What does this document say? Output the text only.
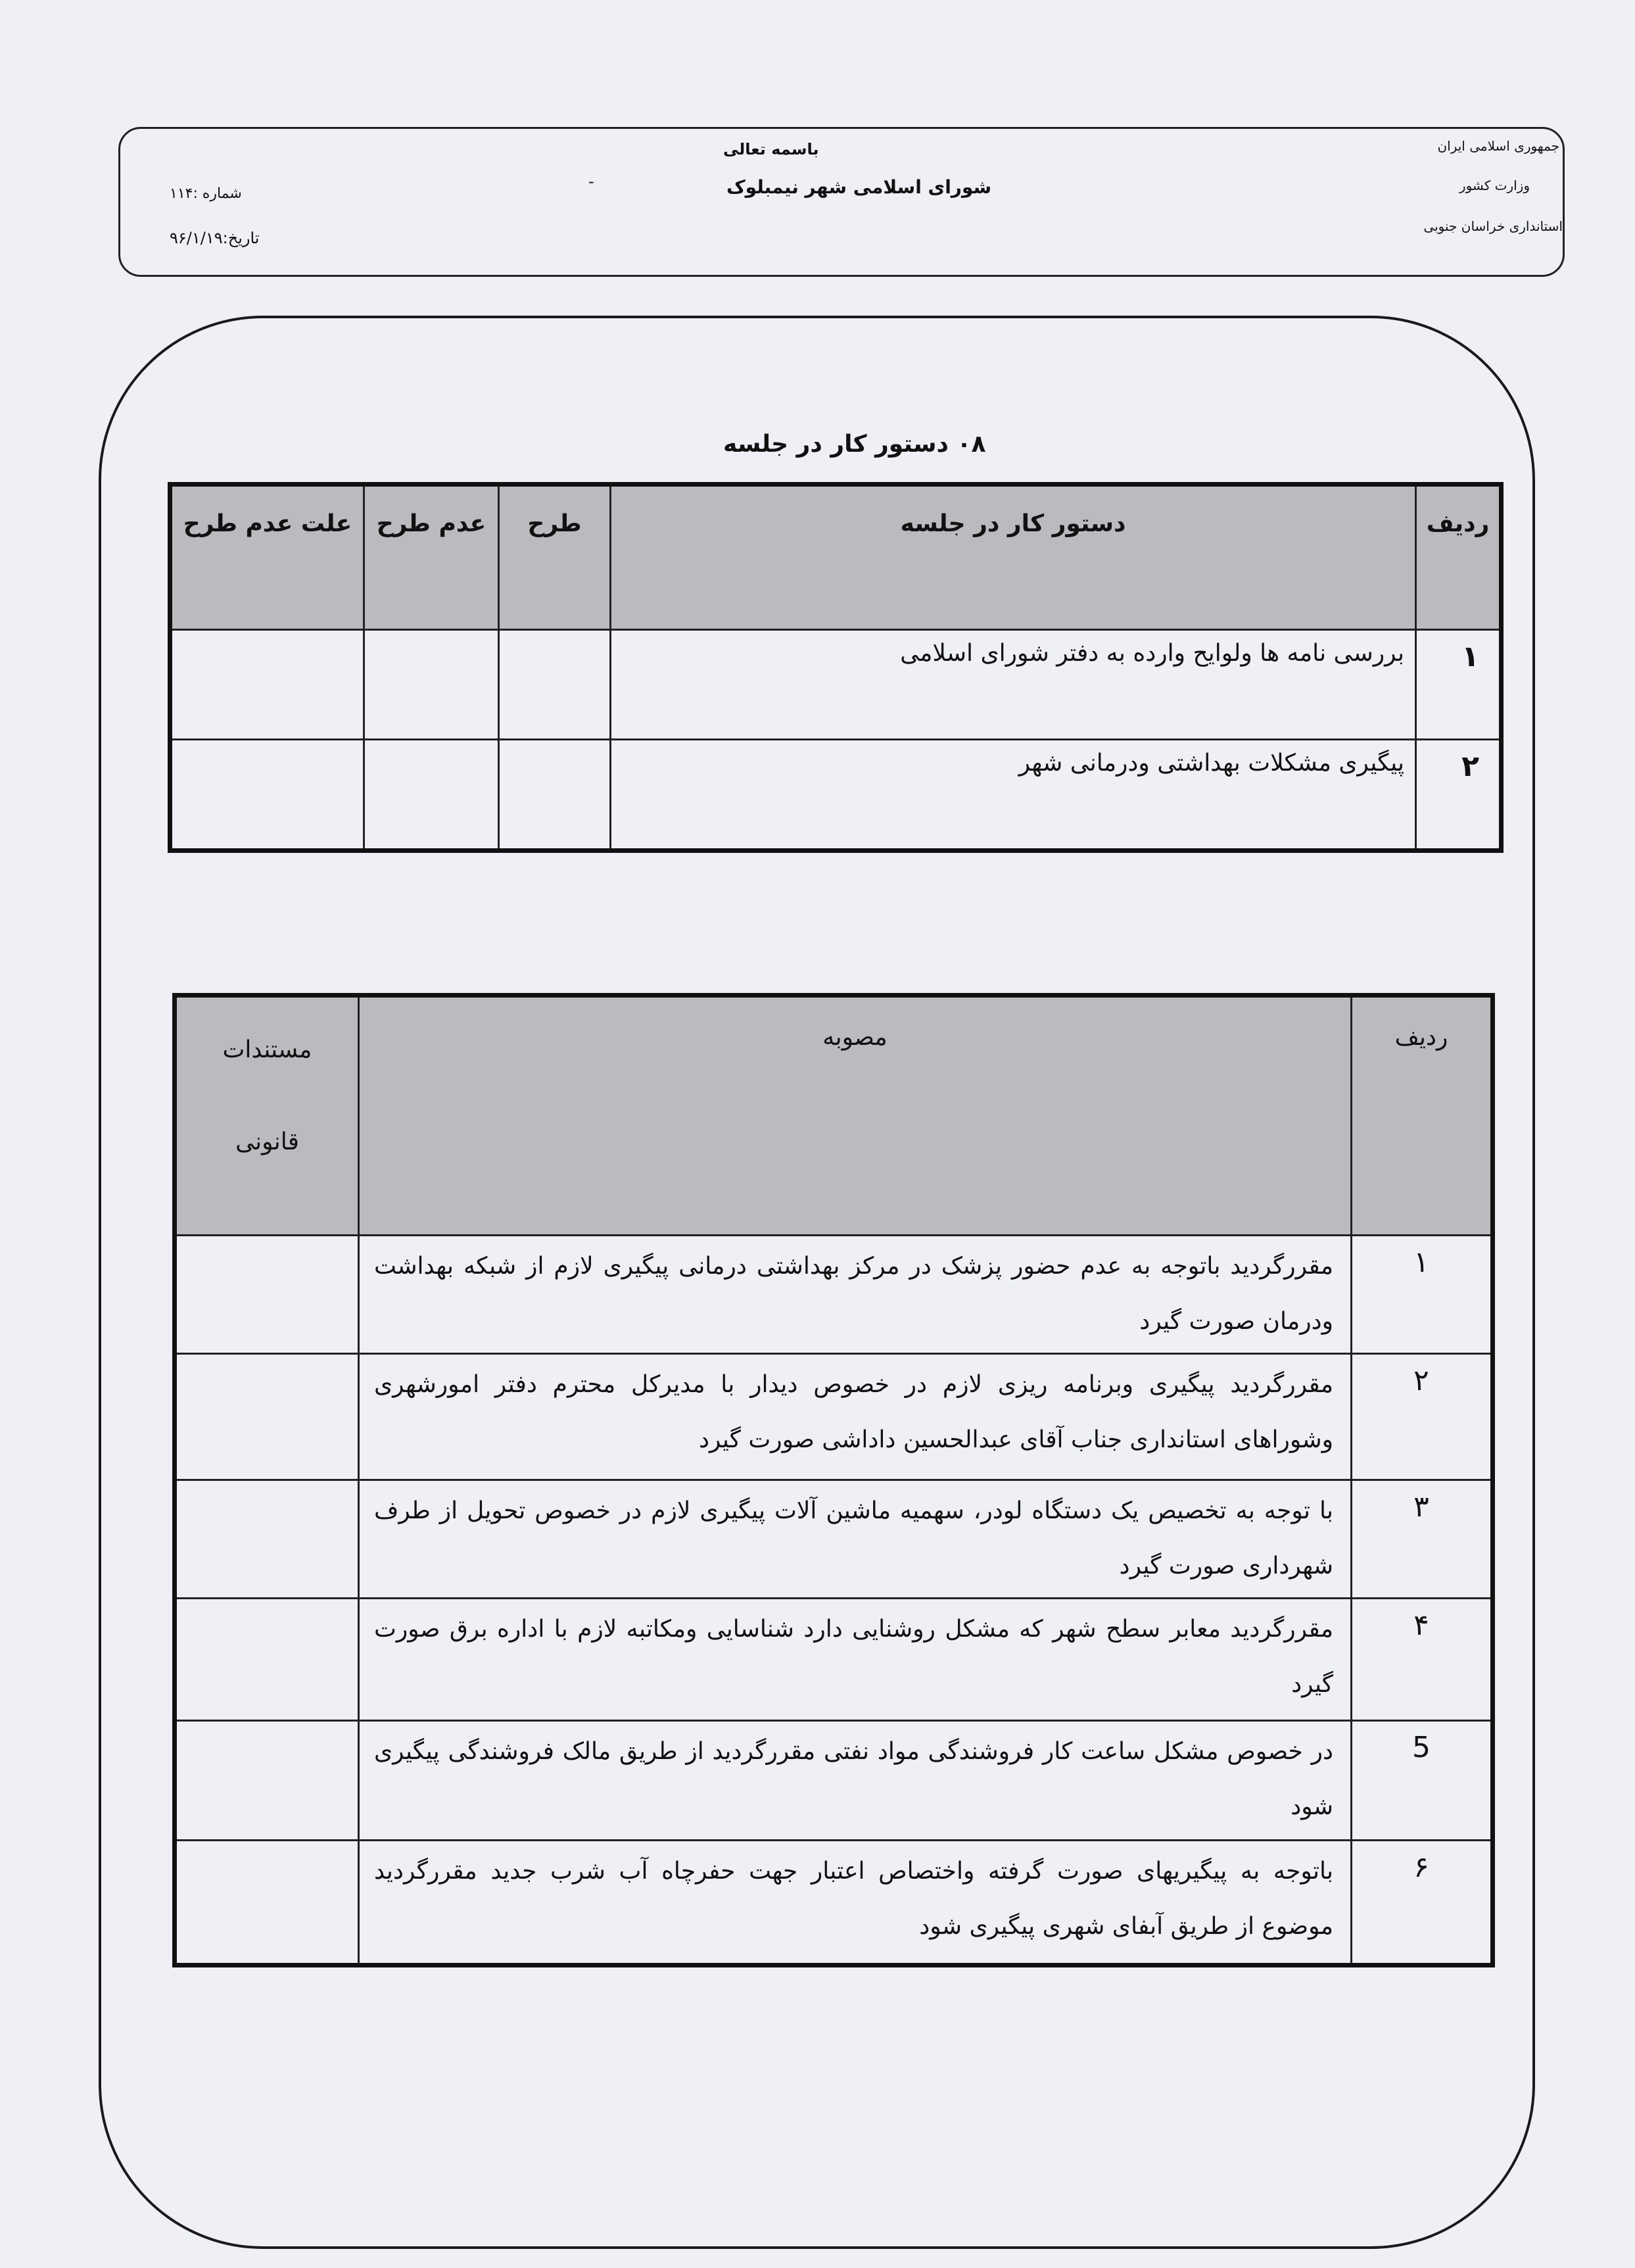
باسمه تعالی
شورای اسلامی شهر نیمبلوک
-
جمهوری اسلامی ایران
وزارت کشور
استانداری خراسان جنوبی
شماره :۱۱۴
تاریخ:۹۶/۱/۱۹
۰۸ دستور کار در جلسه
ردیف	دستور کار در جلسه	طرح	عدم طرح	علت عدم طرح
۱	بررسی نامه ها ولوایح وارده به دفتر شورای اسلامی			
۲	پیگیری مشکلات بهداشتی ودرمانی شهر			
ردیف	مصوبه	مستندات
قانونی

۱	مقررگردید باتوجه به عدم حضور پزشک در مرکز بهداشتی درمانی پیگیری لازم از شبکه بهداشت ودرمان صورت گیرد	
۲	مقررگردید پیگیری وبرنامه ریزی لازم در خصوص دیدار با مدیرکل محترم دفتر امورشهری وشوراهای استانداری جناب آقای عبدالحسین داداشی صورت گیرد	
۳	با توجه به تخصیص یک دستگاه لودر، سهمیه ماشین آلات پیگیری لازم در خصوص تحویل از طرف شهرداری صورت گیرد	
۴	مقررگردید معابر سطح شهر که مشکل روشنایی دارد شناسایی ومکاتبه لازم با اداره برق صورت گیرد	
5	در خصوص مشکل ساعت کار فروشندگی مواد نفتی مقررگردید از طریق مالک فروشندگی پیگیری شود	
۶	باتوجه به پیگیریهای صورت گرفته واختصاص اعتبار جهت حفرچاه آب شرب جدید مقررگردید موضوع از طریق آبفای شهری پیگیری شود	
